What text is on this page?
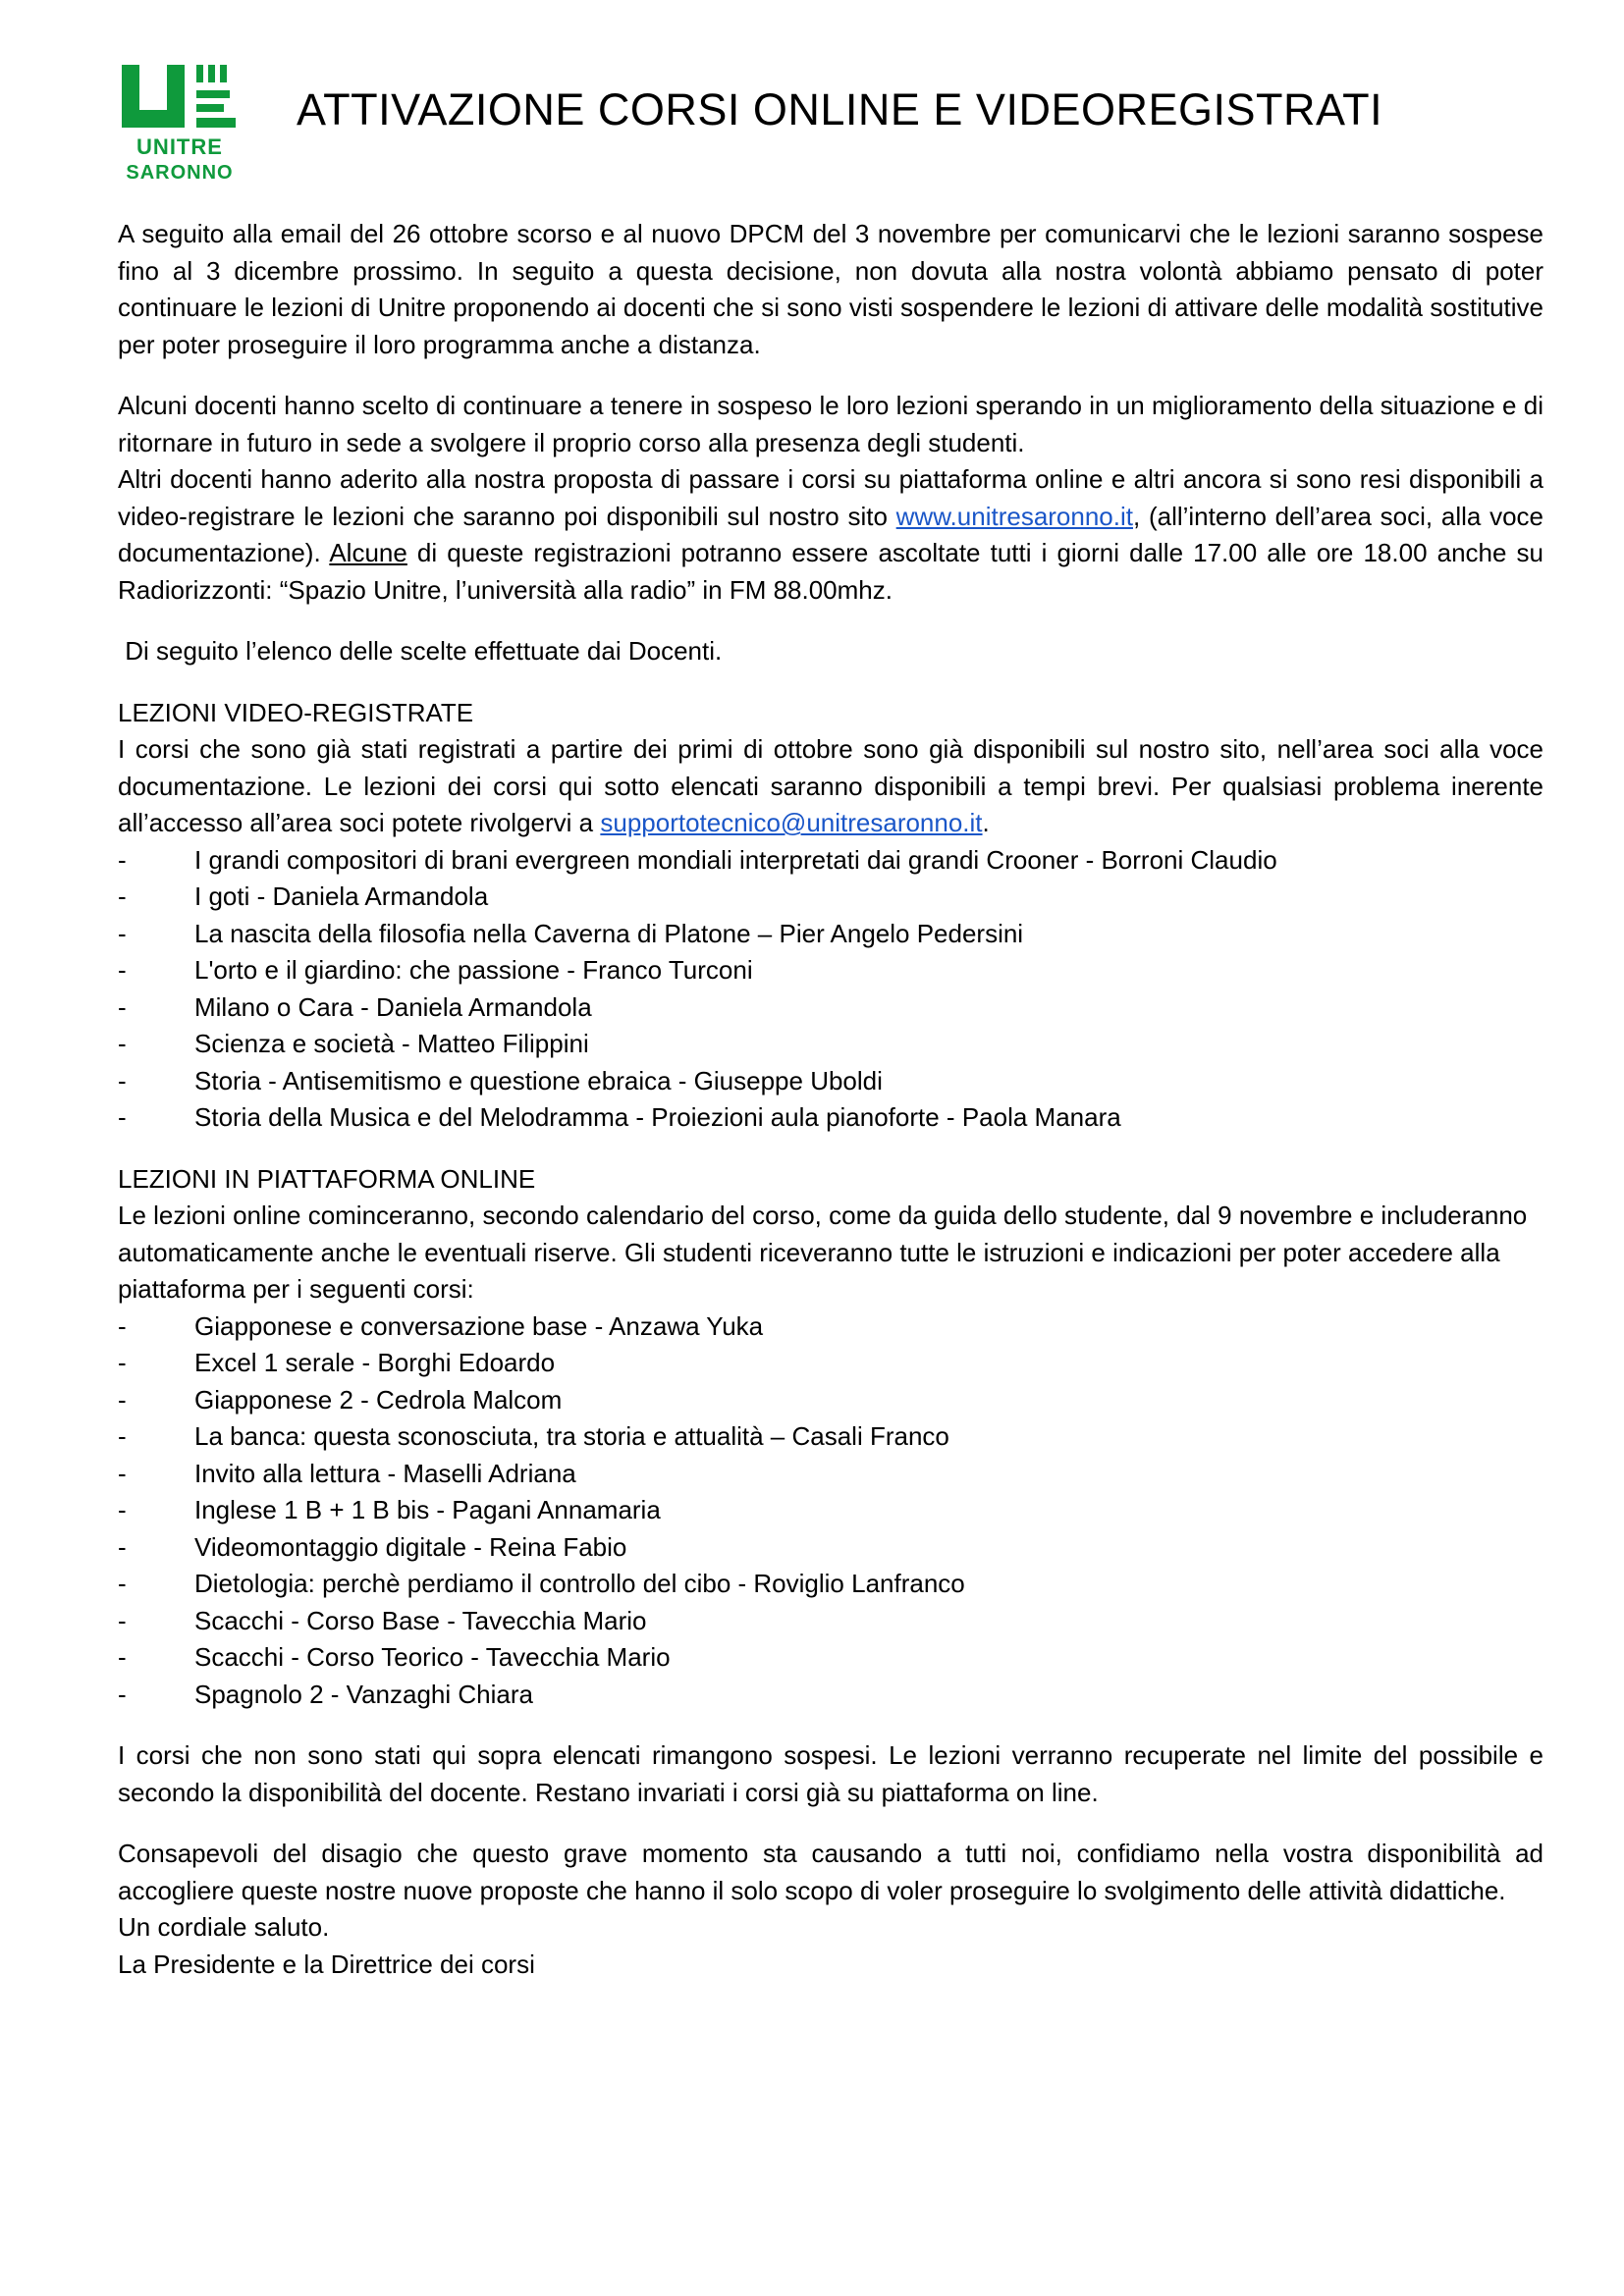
UNITRE
SARONNO
ATTIVAZIONE CORSI ONLINE E VIDEOREGISTRATI

A seguito alla email del 26 ottobre scorso e al nuovo DPCM del 3 novembre per comunicarvi che le lezioni saranno sospese fino al 3 dicembre prossimo. In seguito a questa decisione, non dovuta alla nostra volontà abbiamo pensato di poter continuare le lezioni di Unitre proponendo ai docenti che si sono visti sospendere le lezioni di attivare delle modalità sostitutive per poter proseguire il loro programma anche a distanza.

Alcuni docenti hanno scelto di continuare a tenere in sospeso le loro lezioni sperando in un miglioramento della situazione e di ritornare in futuro in sede a svolgere il proprio corso alla presenza degli studenti.

Altri docenti hanno aderito alla nostra proposta di passare i corsi su piattaforma online e altri ancora si sono resi disponibili a video-registrare le lezioni che saranno poi disponibili sul nostro sito www.unitresaronno.it, (all’interno dell’area soci, alla voce documentazione). Alcune di queste registrazioni potranno essere ascoltate tutti i giorni dalle 17.00 alle ore 18.00 anche su Radiorizzonti: “Spazio Unitre, l’università alla radio” in FM 88.00mhz.

Di seguito l’elenco delle scelte effettuate dai Docenti.

LEZIONI VIDEO-REGISTRATE

I corsi che sono già stati registrati a partire dei primi di ottobre sono già disponibili sul nostro sito, nell’area soci alla voce documentazione. Le lezioni dei corsi qui sotto elencati saranno disponibili a tempi brevi. Per qualsiasi problema inerente all’accesso all’area soci potete rivolgervi a supportotecnico@unitresaronno.it.

-	I grandi compositori di brani evergreen mondiali interpretati dai grandi Crooner - Borroni Claudio
-	I goti - Daniela Armandola
-	La nascita della filosofia nella Caverna di Platone – Pier Angelo Pedersini
-	L'orto e il giardino: che passione - Franco Turconi
-	Milano o Cara - Daniela Armandola
-	Scienza e società - Matteo Filippini
-	Storia - Antisemitismo e questione ebraica - Giuseppe Uboldi
-	Storia della Musica e del Melodramma - Proiezioni aula pianoforte - Paola Manara

LEZIONI IN PIATTAFORMA ONLINE

Le lezioni online cominceranno, secondo calendario del corso, come da guida dello studente, dal 9 novembre e includeranno automaticamente anche le eventuali riserve. Gli studenti riceveranno tutte le istruzioni e indicazioni per poter accedere alla piattaforma per i seguenti corsi:

-	Giapponese e conversazione base - Anzawa Yuka
-	Excel 1 serale - Borghi Edoardo
-	Giapponese 2 - Cedrola Malcom
-	La banca: questa sconosciuta, tra storia e attualità – Casali Franco
-	Invito alla lettura - Maselli Adriana
-	Inglese 1 B + 1 B bis - Pagani Annamaria
-	Videomontaggio digitale - Reina Fabio
-	Dietologia: perchè perdiamo il controllo del cibo - Roviglio Lanfranco
-	Scacchi - Corso Base - Tavecchia Mario
-	Scacchi - Corso Teorico - Tavecchia Mario
-	Spagnolo 2 - Vanzaghi Chiara

I corsi che non sono stati qui sopra elencati rimangono sospesi. Le lezioni verranno recuperate nel limite del possibile e secondo la disponibilità del docente. Restano invariati i corsi già su piattaforma on line.

Consapevoli del disagio che questo grave momento sta causando a tutti noi, confidiamo nella vostra disponibilità ad accogliere queste nostre nuove proposte che hanno il solo scopo di voler proseguire lo svolgimento delle attività didattiche.

Un cordiale saluto.

La Presidente e la Direttrice dei corsi
